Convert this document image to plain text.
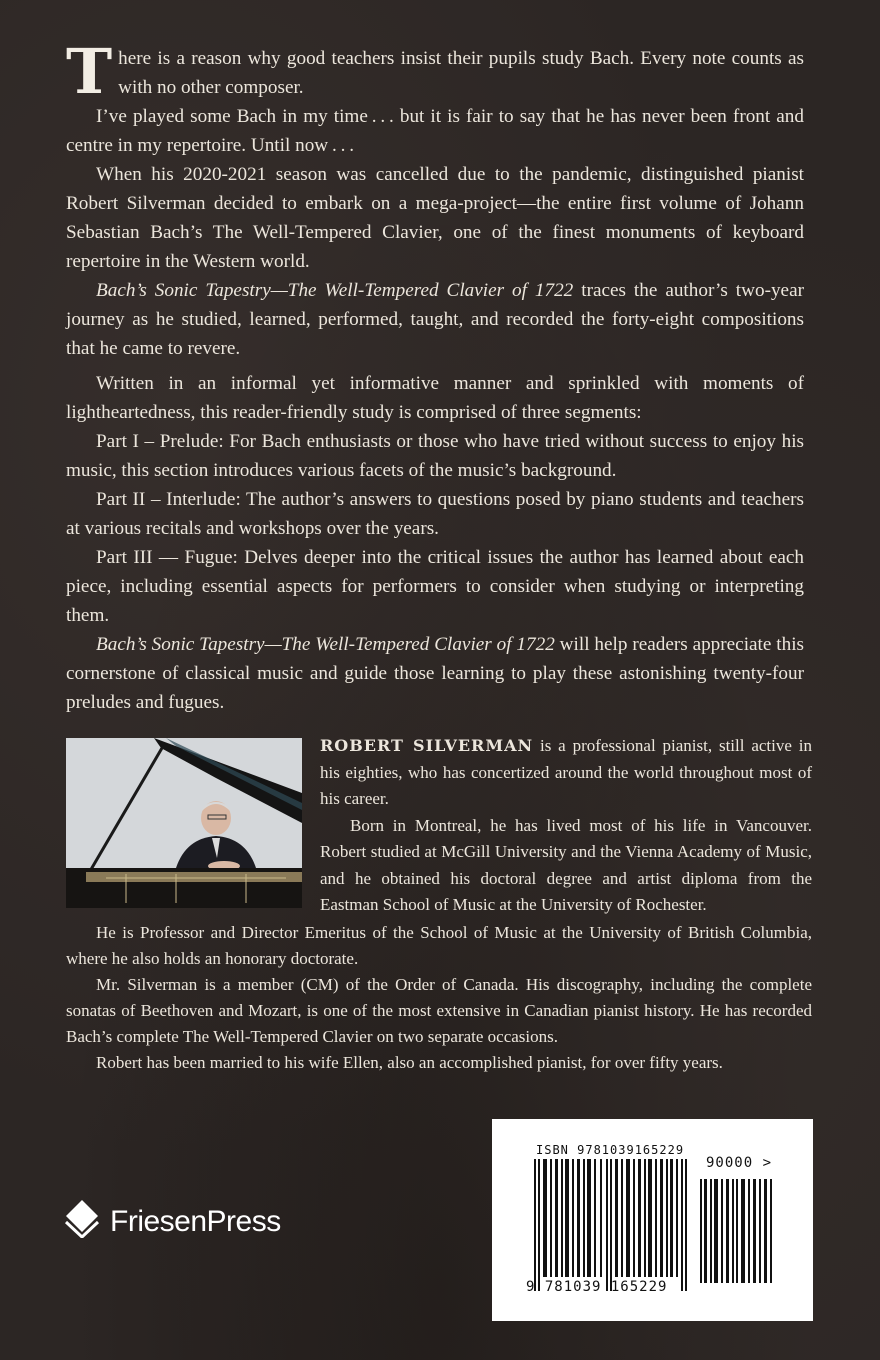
There is a reason why good teachers insist their pupils study Bach. Every note counts as with no other composer.

I’ve played some Bach in my time . . . but it is fair to say that he has never been front and centre in my repertoire. Until now . . .

When his 2020-2021 season was cancelled due to the pandemic, distinguished pianist Robert Silverman decided to embark on a mega-project—the entire first volume of Johann Sebastian Bach’s The Well-Tempered Clavier, one of the finest monuments of keyboard repertoire in the Western world.

Bach’s Sonic Tapestry—The Well-Tempered Clavier of 1722 traces the author’s two-year journey as he studied, learned, performed, taught, and recorded the forty-eight compositions that he came to revere.

Written in an informal yet informative manner and sprinkled with moments of lightheartedness, this reader-friendly study is comprised of three segments:

Part I – Prelude: For Bach enthusiasts or those who have tried without success to enjoy his music, this section introduces various facets of the music’s background.

Part II – Interlude: The author’s answers to questions posed by piano students and teachers at various recitals and workshops over the years.

Part III — Fugue: Delves deeper into the critical issues the author has learned about each piece, including essential aspects for performers to consider when studying or interpreting them.

Bach’s Sonic Tapestry—The Well-Tempered Clavier of 1722 will help readers appreciate this cornerstone of classical music and guide those learning to play these astonishing twenty-four preludes and fugues.

ROBERT SILVERMAN is a professional pianist, still active in his eighties, who has concertized around the world throughout most of his career.

Born in Montreal, he has lived most of his life in Vancouver. Robert studied at McGill University and the Vienna Academy of Music, and he obtained his doctoral degree and artist diploma from the Eastman School of Music at the University of Rochester.

He is Professor and Director Emeritus of the School of Music at the University of British Columbia, where he also holds an honorary doctorate.

Mr. Silverman is a member (CM) of the Order of Canada. His discography, including the complete sonatas of Beethoven and Mozart, is one of the most extensive in Canadian pianist history. He has recorded Bach’s complete The Well-Tempered Clavier on two separate occasions.

Robert has been married to his wife Ellen, also an accomplished pianist, for over fifty years.

FriesenPress
ISBN 9781039165229
9 781039 165229
90000 >
